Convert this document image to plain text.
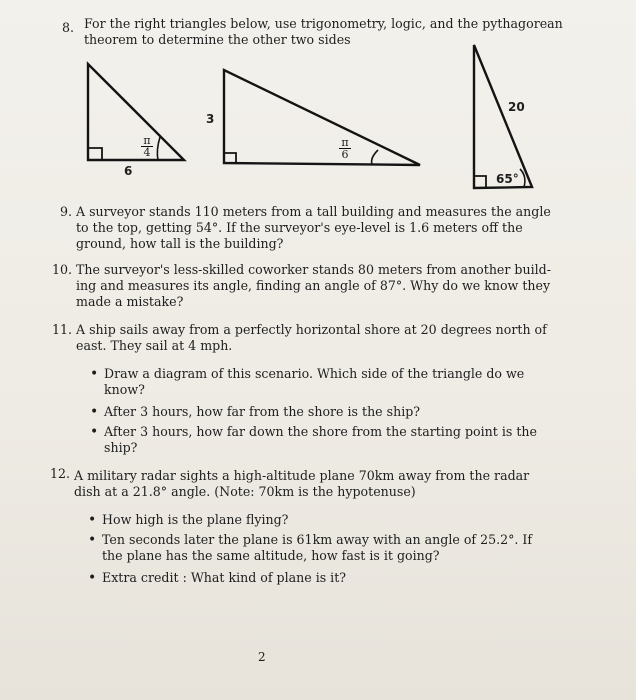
8. For the right triangles below, use trigonometry, logic, and the pythagorean
theorem to determine the other two sides
6
π
4
3
π
6
20
65°
9. A surveyor stands 110 meters from a tall building and measures the angle
to the top, getting 54°. If the surveyor's eye-level is 1.6 meters off the
ground, how tall is the building?
10. The surveyor's less-skilled coworker stands 80 meters from another build-
ing and measures its angle, finding an angle of 87°. Why do we know they
made a mistake?
11. A ship sails away from a perfectly horizontal shore at 20 degrees north of
east. They sail at 4 mph.
• Draw a diagram of this scenario. Which side of the triangle do we
know?
• After 3 hours, how far from the shore is the ship?
• After 3 hours, how far down the shore from the starting point is the
ship?
12. A military radar sights a high-altitude plane 70km away from the radar
dish at a 21.8° angle. (Note: 70km is the hypotenuse)
• How high is the plane flying?
• Ten seconds later the plane is 61km away with an angle of 25.2°. If
the plane has the same altitude, how fast is it going?
• Extra credit : What kind of plane is it?
2
